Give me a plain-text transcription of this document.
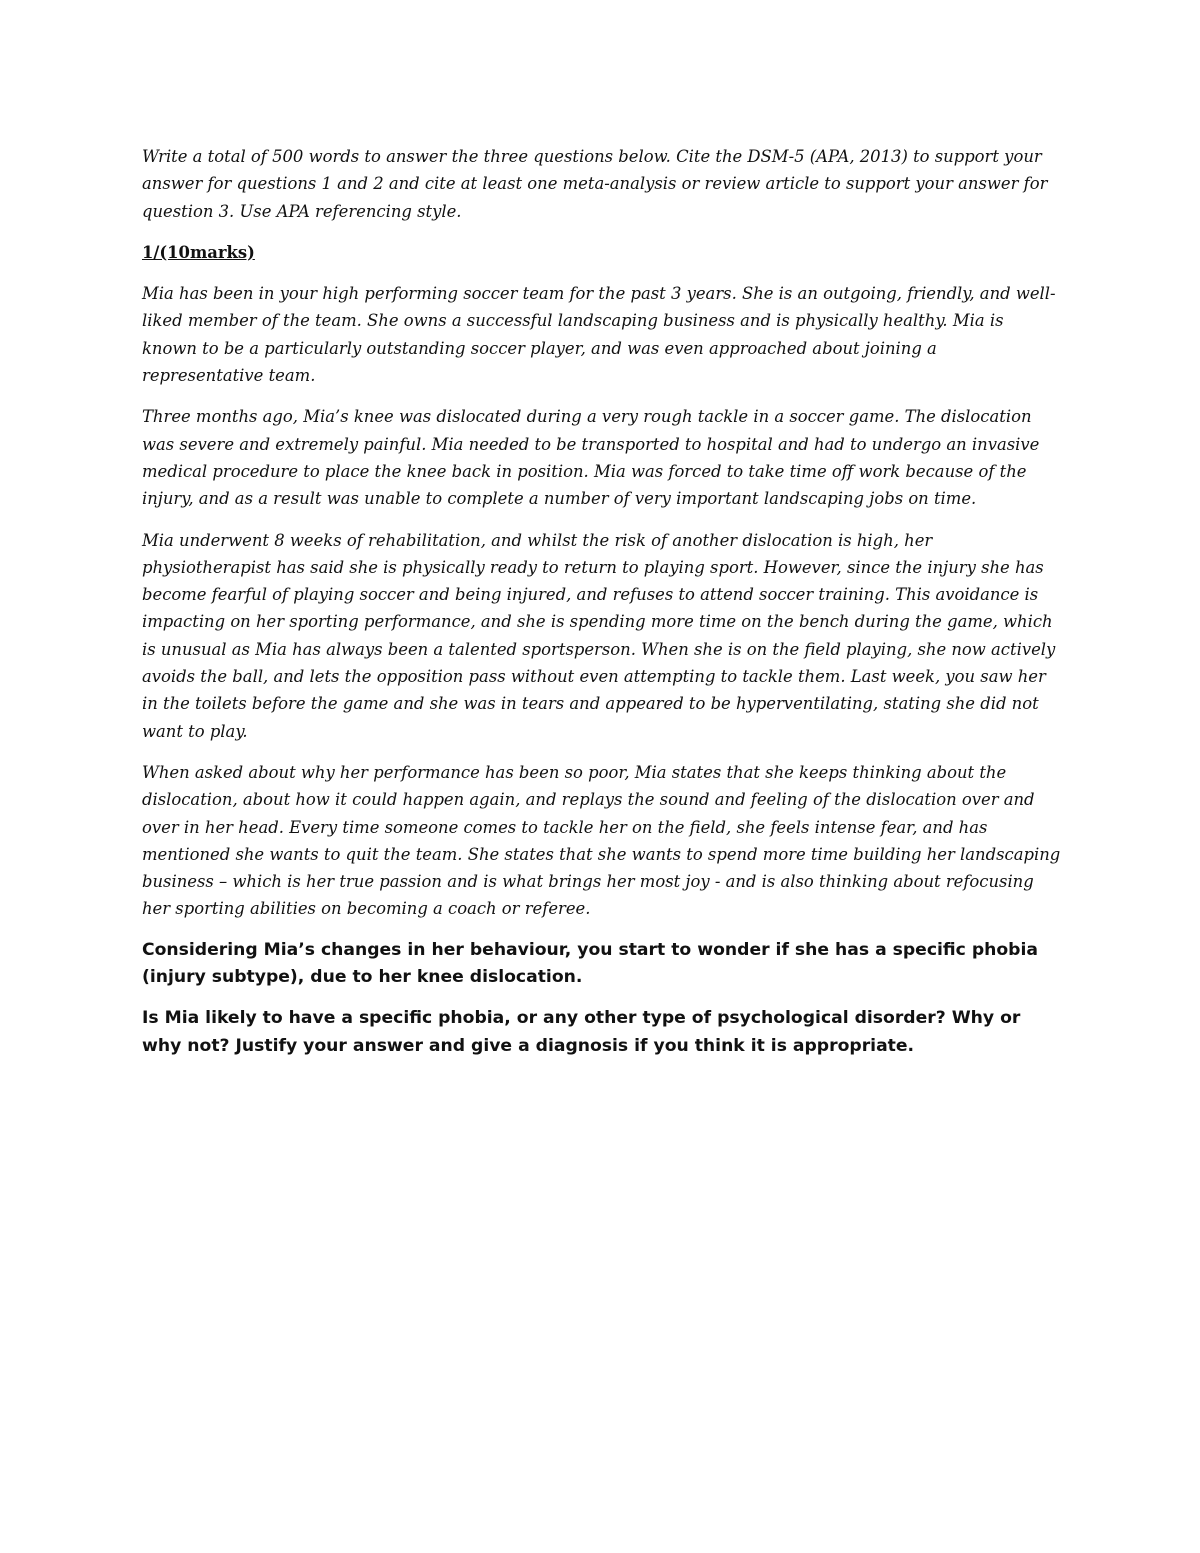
Write a total of 500 words to answer the three questions below. Cite the DSM-5 (APA, 2013) to support your answer for questions 1 and 2 and cite at least one meta-analysis or review article to support your answer for question 3. Use APA referencing style.

1/(10marks)

Mia has been in your high performing soccer team for the past 3 years. She is an outgoing, friendly, and well-liked member of the team. She owns a successful landscaping business and is physically healthy. Mia is known to be a particularly outstanding soccer player, and was even approached about joining a representative team.

Three months ago, Mia’s knee was dislocated during a very rough tackle in a soccer game. The dislocation was severe and extremely painful. Mia needed to be transported to hospital and had to undergo an invasive medical procedure to place the knee back in position. Mia was forced to take time off work because of the injury, and as a result was unable to complete a number of very important landscaping jobs on time.

Mia underwent 8 weeks of rehabilitation, and whilst the risk of another dislocation is high, her physiotherapist has said she is physically ready to return to playing sport. However, since the injury she has become fearful of playing soccer and being injured, and refuses to attend soccer training. This avoidance is impacting on her sporting performance, and she is spending more time on the bench during the game, which is unusual as Mia has always been a talented sportsperson. When she is on the field playing, she now actively avoids the ball, and lets the opposition pass without even attempting to tackle them. Last week, you saw her in the toilets before the game and she was in tears and appeared to be hyperventilating, stating she did not want to play.

When asked about why her performance has been so poor, Mia states that she keeps thinking about the dislocation, about how it could happen again, and replays the sound and feeling of the dislocation over and over in her head. Every time someone comes to tackle her on the field, she feels intense fear, and has mentioned she wants to quit the team. She states that she wants to spend more time building her landscaping business – which is her true passion and is what brings her most joy - and is also thinking about refocusing her sporting abilities on becoming a coach or referee.

Considering Mia’s changes in her behaviour, you start to wonder if she has a specific phobia (injury subtype), due to her knee dislocation.

Is Mia likely to have a specific phobia, or any other type of psychological disorder? Why or why not? Justify your answer and give a diagnosis if you think it is appropriate.
